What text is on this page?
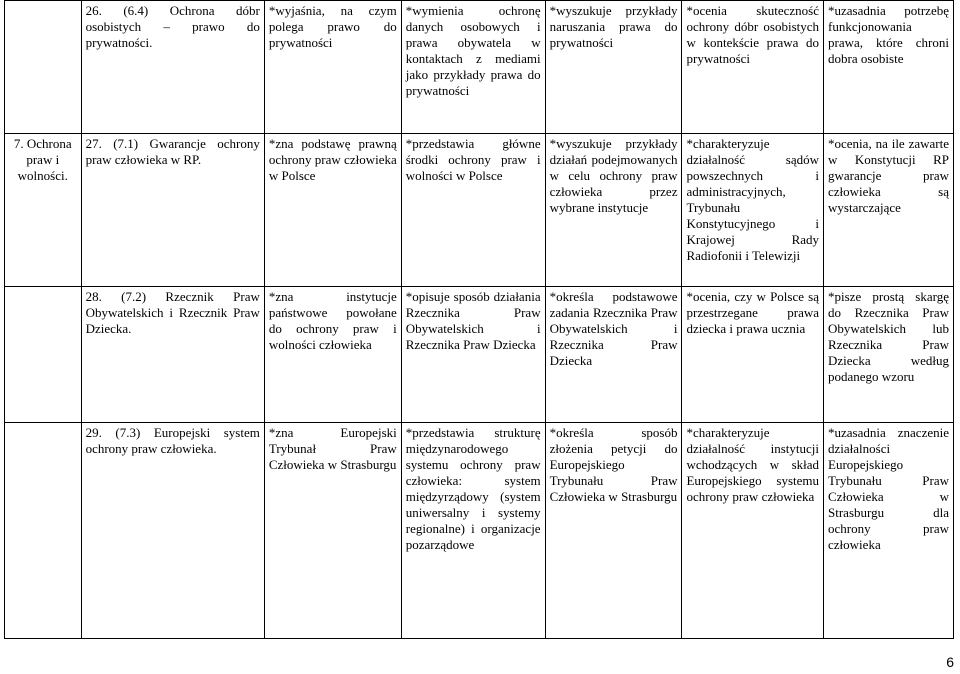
	26. (6.4) Ochrona dóbr osobistych – prawo do prywatności.	*wyjaśnia, na czym polega prawo do prywatności	*wymienia ochronę danych osobowych i prawa obywatela w kontaktach z mediami jako przykłady prawa do prywatności	*wyszukuje przykłady naruszania prawa do prywatności	*ocenia skuteczność ochrony dóbr osobistych w kontekście prawa do prywatności	*uzasadnia potrzebę funkcjonowania prawa, które chroni dobra osobiste
7. Ochrona praw i wolności.	27. (7.1) Gwarancje ochrony praw człowieka w RP.	*zna podstawę prawną ochrony praw człowieka w Polsce	*przedstawia główne środki ochrony praw i wolności w Polsce	*wyszukuje przykłady działań podejmowanych w celu ochrony praw człowieka przez wybrane instytucje	*charakteryzuje działalność sądów powszechnych i administracyjnych, Trybunału Konstytucyjnego i Krajowej Rady Radiofonii i Telewizji	*ocenia, na ile zawarte w Konstytucji RP gwarancje praw człowieka są wystarczające
	28. (7.2) Rzecznik Praw Obywatelskich i Rzecznik Praw Dziecka.	*zna instytucje państwowe powołane do ochrony praw i wolności człowieka	*opisuje sposób działania Rzecznika Praw Obywatelskich i Rzecznika Praw Dziecka	*określa podstawowe zadania Rzecznika Praw Obywatelskich i Rzecznika Praw Dziecka	*ocenia, czy w Polsce są przestrzegane prawa dziecka i prawa ucznia	*pisze prostą skargę do Rzecznika Praw Obywatelskich lub Rzecznika Praw Dziecka według podanego wzoru
	29. (7.3) Europejski system ochrony praw człowieka.	*zna Europejski Trybunał Praw Człowieka w Strasburgu	*przedstawia strukturę międzynarodowego systemu ochrony praw człowieka: system międzyrządowy (system uniwersalny i systemy regionalne) i organizacje pozarządowe	*określa sposób złożenia petycji do Europejskiego Trybunału Praw Człowieka w Strasburgu	*charakteryzuje działalność instytucji wchodzących w skład Europejskiego systemu ochrony praw człowieka	*uzasadnia znaczenie działalności Europejskiego Trybunału Praw Człowieka w Strasburgu dla ochrony praw człowieka
6
